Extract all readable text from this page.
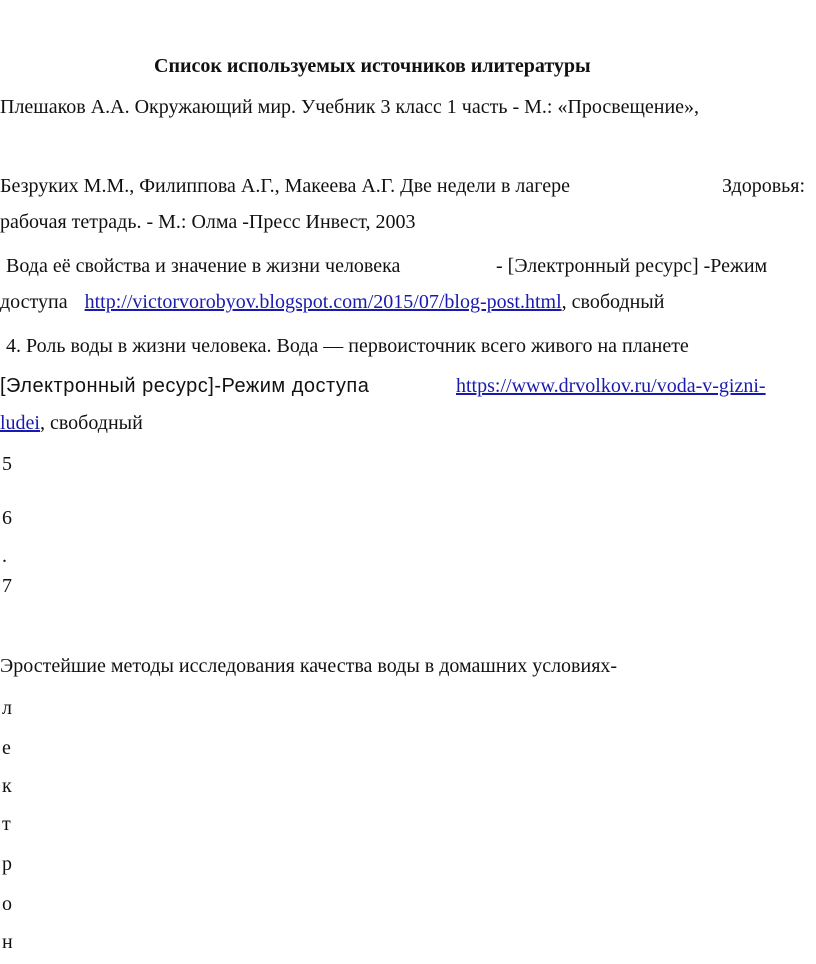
Список используемых источников илитературы
Плешаков А.А. Окружающий мир. Учебник 3 класс 1 часть - М.: «Просвещение»,
Безруких М.М., Филиппова А.Г., Макеева А.Г. Две недели в лагере	Здоровья:
рабочая тетрадь. - М.: Олма -Пресс Инвест, 2003
Вода её свойства и значение в жизни человека	- [Электронный ресурс] -Режим
доступа http://victorvorobyov.blogspot.com/2015/07/blog-post.html, свободный
4. Роль воды в жизни человека. Вода — первоисточник всего живого на планете
[Электронный ресурс]-Режим доступа	https://www.drvolkov.ru/voda-v-gizni-
ludei, свободный
5
6
.
7
Эростейшие методы исследования качества воды в домашних условиях-
л
е
к
т
р
о
н
